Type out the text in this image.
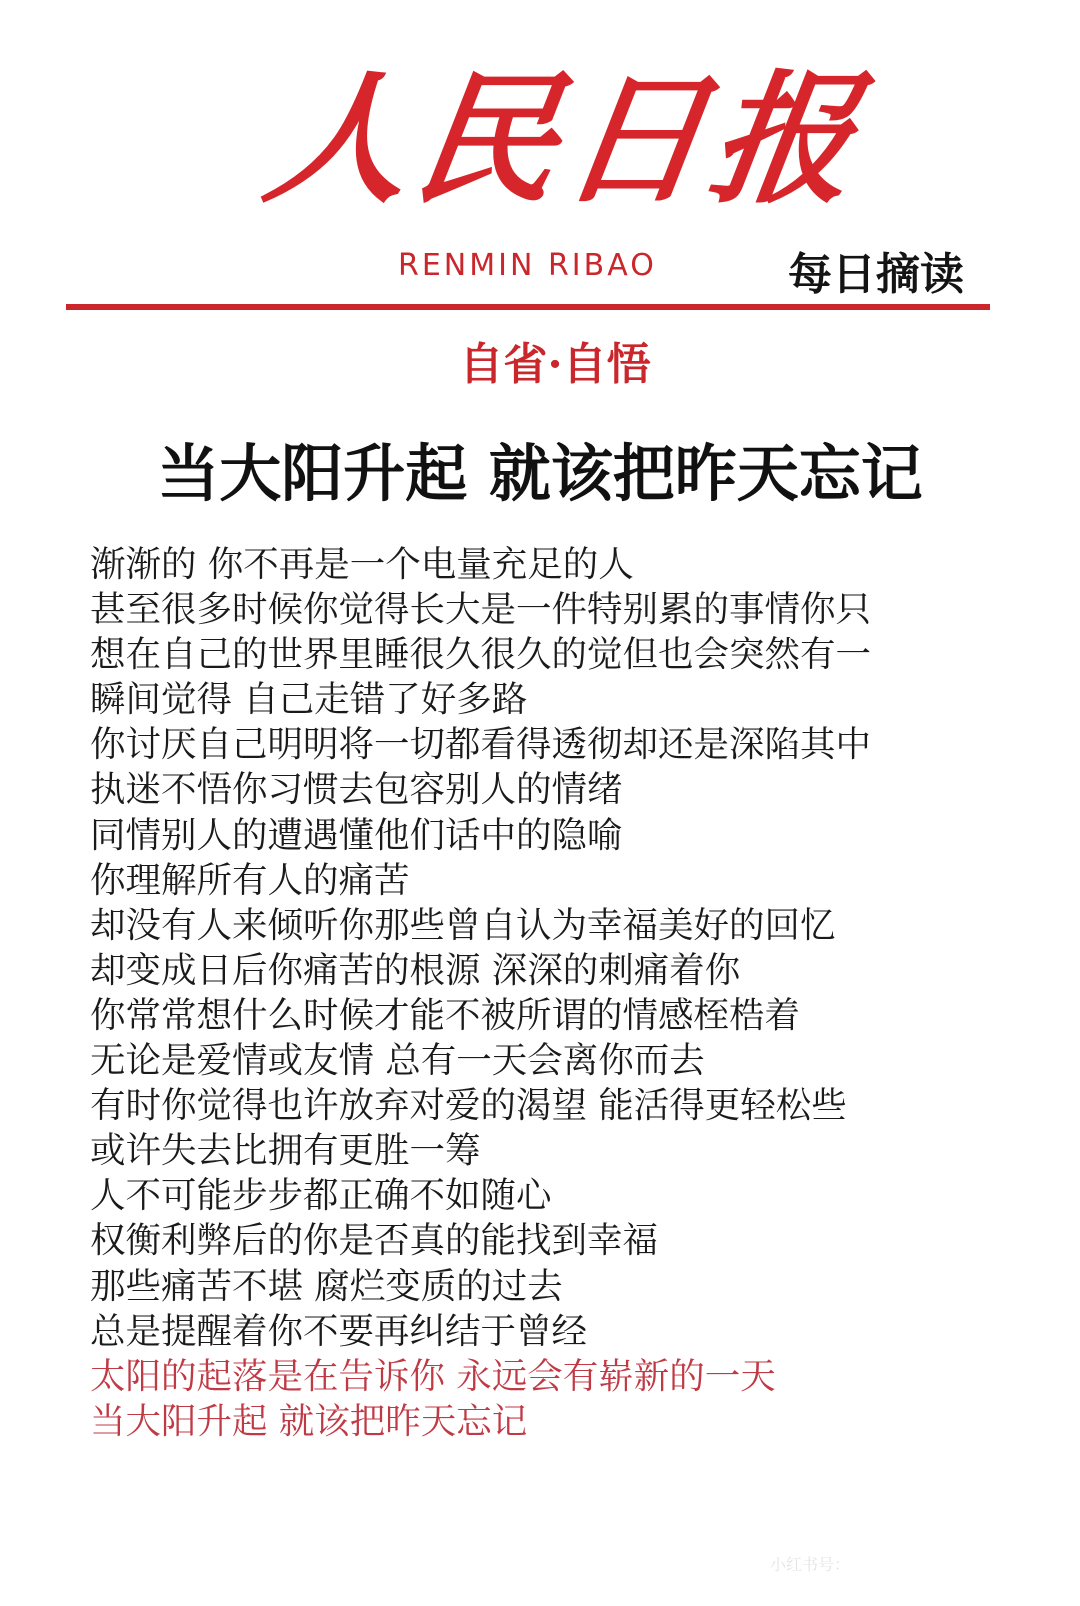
人民日报
RENMIN RIBAO	每日摘读
自省·自悟
当大阳升起 就该把昨天忘记
渐渐的 你不再是一个电量充足的人
甚至很多时候你觉得长大是一件特别累的事情你只
想在自己的世界里睡很久很久的觉但也会突然有一
瞬间觉得 自己走错了好多路
你讨厌自己明明将一切都看得透彻却还是深陷其中
执迷不悟你习惯去包容别人的情绪
同情别人的遭遇懂他们话中的隐喻
你理解所有人的痛苦
却没有人来倾听你那些曾自认为幸福美好的回忆
却变成日后你痛苦的根源 深深的刺痛着你
你常常想什么时候才能不被所谓的情感桎梏着
无论是爱情或友情 总有一天会离你而去
有时你觉得也许放弃对爱的渴望 能活得更轻松些
或许失去比拥有更胜一筹
人不可能步步都正确不如随心
权衡利弊后的你是否真的能找到幸福
那些痛苦不堪 腐烂变质的过去
总是提醒着你不要再纠结于曾经
太阳的起落是在告诉你 永远会有崭新的一天
当大阳升起 就该把昨天忘记
小红书号：
